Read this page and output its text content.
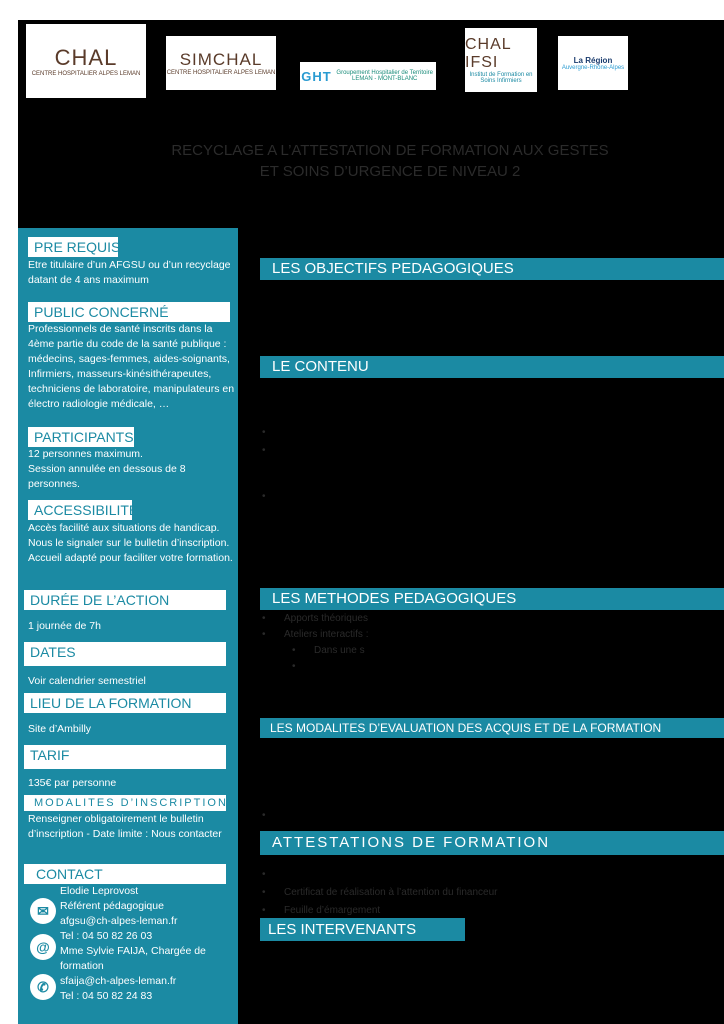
CHAL
CENTRE HOSPITALIER ALPES LEMAN
SIMCHAL
CENTRE HOSPITALIER ALPES LEMAN GHT Groupement Hospitalier de Territoire LEMAN - MONT-BLANC
CHAL IFSI
Institut de Formation en Soins Infirmiers
La Région
Auvergne-Rhône-Alpes
RECYCLAGE A L’ATTESTATION DE FORMATION AUX GESTES
ET SOINS D’URGENCE DE NIVEAU 2
PRE REQUIS
Etre titulaire d’un AFGSU ou d’un recyclage datant de 4 ans maximum
PUBLIC CONCERNÉ
Professionnels de santé inscrits dans la 4ème partie du code de la santé publique : médecins, sages-femmes, aides-soignants, Infirmiers, masseurs-kinésithérapeutes, techniciens de laboratoire, manipulateurs en électro radiologie médicale, …
PARTICIPANTS
12 personnes maximum.
Session annulée en dessous de 8 personnes.
ACCESSIBILITE
Accès facilité aux situations de handicap. Nous le signaler sur le bulletin d’inscription. Accueil adapté pour faciliter votre formation.
DURÉE DE L’ACTION
1 journée de 7h
DATES
Voir calendrier semestriel
LIEU DE LA FORMATION
Site d’Ambilly
TARIF
135€ par personne
MODALITES D’INSCRIPTION
Renseigner obligatoirement le bulletin d’inscription - Date limite : Nous contacter
CONTACT
Elodie Leprovost
Référent pédagogique
afgsu@ch-alpes-leman.fr
Tel : 04 50 82 26 03
Mme Sylvie FAIJA, Chargée de formation
sfaija@ch-alpes-leman.fr
Tel : 04 50 82 24 83
✉
@
✆
LES OBJECTIFS PEDAGOGIQUES
LE CONTENU
•
•
•
LES METHODES PEDAGOGIQUES
• Apports théoriques
• Ateliers interactifs :
• Dans une s
•
LES MODALITES D’EVALUATION DES ACQUIS ET DE LA FORMATION
•
ATTESTATIONS DE FORMATION
•
• Certificat de réalisation à l’attention du financeur
• Feuille d’émargement
LES INTERVENANTS
